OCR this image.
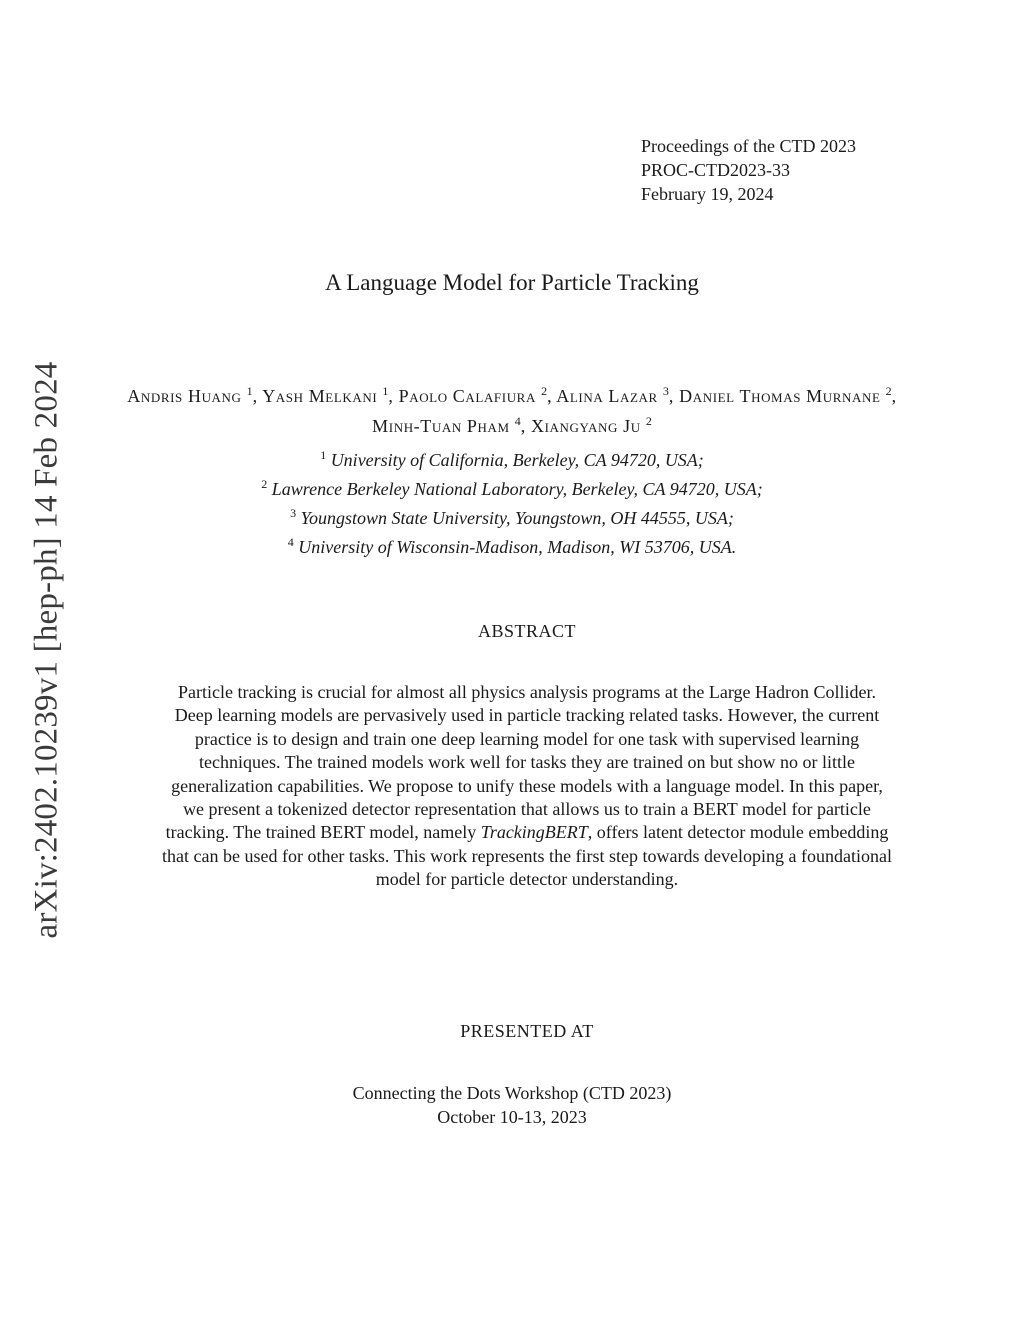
arXiv:2402.10239v1 [hep-ph] 14 Feb 2024
Proceedings of the CTD 2023
PROC-CTD2023-33
February 19, 2024
A Language Model for Particle Tracking
Andris Huang $^1$, Yash Melkani $^1$, Paolo Calafiura $^2$, Alina Lazar $^3$, Daniel Thomas Murnane $^2$, Minh-Tuan Pham $^4$, Xiangyang Ju $^2$
$^1$ University of California, Berkeley, CA 94720, USA;
$^2$ Lawrence Berkeley National Laboratory, Berkeley, CA 94720, USA;
$^3$ Youngstown State University, Youngstown, OH 44555, USA;
$^4$ University of Wisconsin-Madison, Madison, WI 53706, USA.
ABSTRACT
Particle tracking is crucial for almost all physics analysis programs at the Large Hadron Collider. Deep learning models are pervasively used in particle tracking related tasks. However, the current practice is to design and train one deep learning model for one task with supervised learning techniques. The trained models work well for tasks they are trained on but show no or little generalization capabilities. We propose to unify these models with a language model. In this paper, we present a tokenized detector representation that allows us to train a BERT model for particle tracking. The trained BERT model, namely TrackingBERT, offers latent detector module embedding that can be used for other tasks. This work represents the first step towards developing a foundational model for particle detector understanding.
PRESENTED AT
Connecting the Dots Workshop (CTD 2023)
October 10-13, 2023
